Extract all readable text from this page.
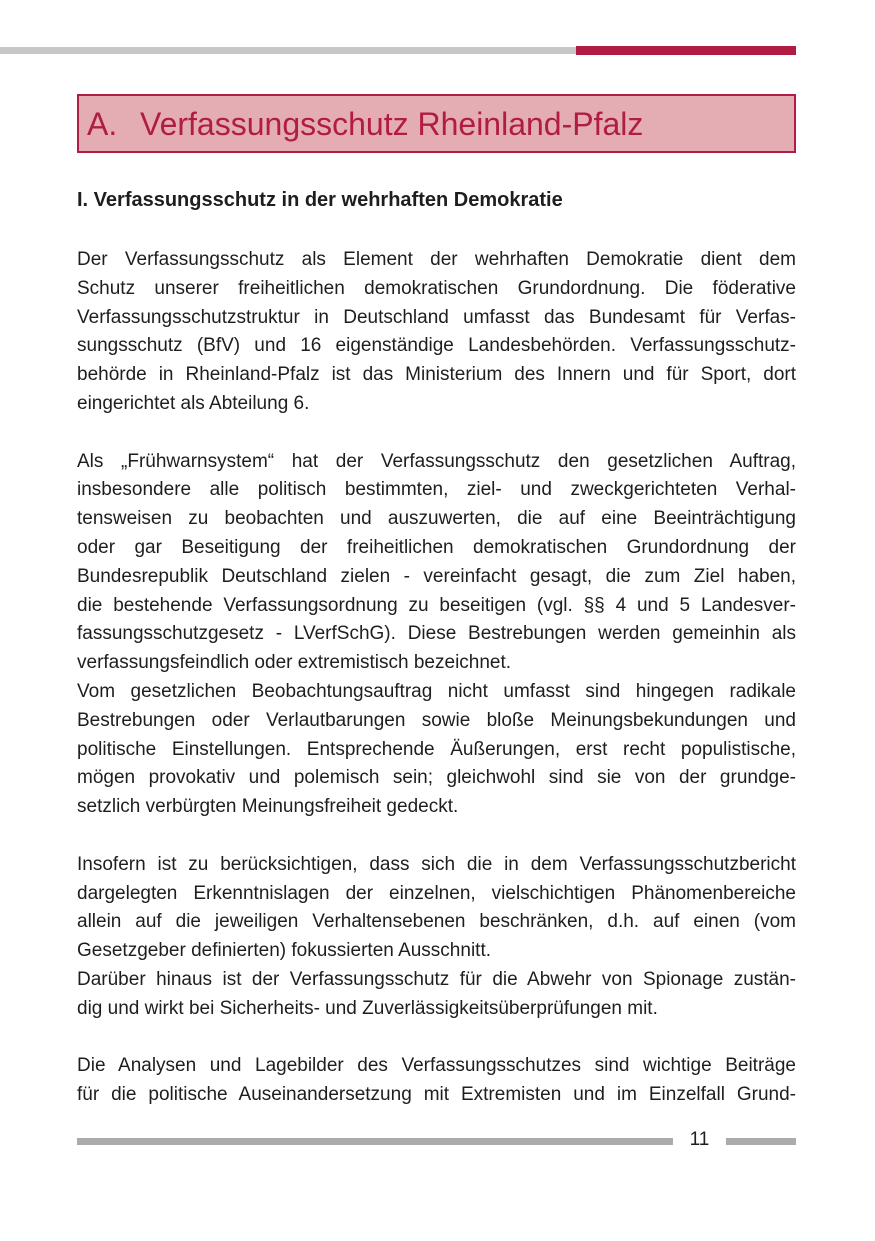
A. Verfassungsschutz Rheinland-Pfalz
I. Verfassungsschutz in der wehrhaften Demokratie
Der Verfassungsschutz als Element der wehrhaften Demokratie dient dem
Schutz unserer freiheitlichen demokratischen Grundordnung. Die föderative
Verfassungsschutzstruktur in Deutschland umfasst das Bundesamt für Verfas-
sungsschutz (BfV) und 16 eigenständige Landesbehörden. Verfassungsschutz-
behörde in Rheinland-Pfalz ist das Ministerium des Innern und für Sport, dort
eingerichtet als Abteilung 6.
Als „Frühwarnsystem“ hat der Verfassungsschutz den gesetzlichen Auftrag,
insbesondere alle politisch bestimmten, ziel- und zweckgerichteten Verhal-
tensweisen zu beobachten und auszuwerten, die auf eine Beeinträchtigung
oder gar Beseitigung der freiheitlichen demokratischen Grundordnung der
Bundesrepublik Deutschland zielen - vereinfacht gesagt, die zum Ziel haben,
die bestehende Verfassungsordnung zu beseitigen (vgl. §§ 4 und 5 Landesver-
fassungsschutzgesetz - LVerfSchG). Diese Bestrebungen werden gemeinhin als
verfassungsfeindlich oder extremistisch bezeichnet.
Vom gesetzlichen Beobachtungsauftrag nicht umfasst sind hingegen radikale
Bestrebungen oder Verlautbarungen sowie bloße Meinungsbekundungen und
politische Einstellungen. Entsprechende Äußerungen, erst recht populistische,
mögen provokativ und polemisch sein; gleichwohl sind sie von der grundge-
setzlich verbürgten Meinungsfreiheit gedeckt.
Insofern ist zu berücksichtigen, dass sich die in dem Verfassungsschutzbericht
dargelegten Erkenntnislagen der einzelnen, vielschichtigen Phänomenbereiche
allein auf die jeweiligen Verhaltensebenen beschränken, d.h. auf einen (vom
Gesetzgeber definierten) fokussierten Ausschnitt.
Darüber hinaus ist der Verfassungsschutz für die Abwehr von Spionage zustän-
dig und wirkt bei Sicherheits- und Zuverlässigkeitsüberprüfungen mit.
Die Analysen und Lagebilder des Verfassungsschutzes sind wichtige Beiträge
für die politische Auseinandersetzung mit Extremisten und im Einzelfall Grund-
11
